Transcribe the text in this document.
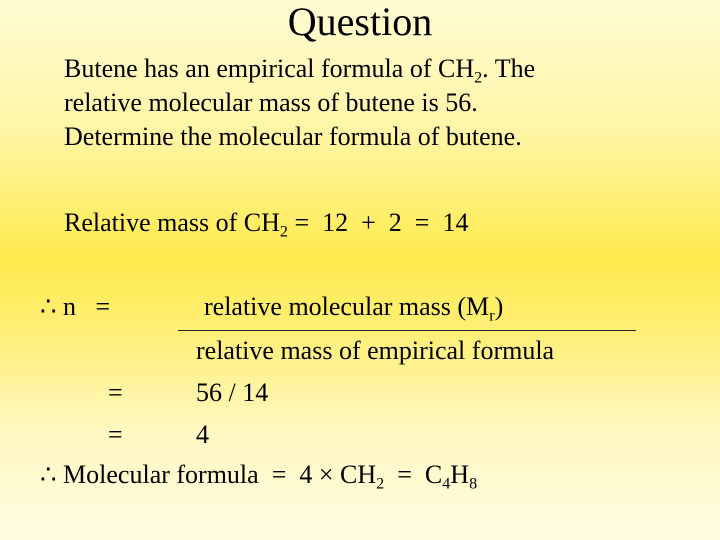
Question
Butene has an empirical formula of $CH_2$. The
relative molecular mass of butene is 56.
Determine the molecular formula of butene.
Relative mass of $CH_2 = 12 + 2 = 14$
∴ n   =	relative molecular mass $(M_r)$
relative mass of empirical formula
=	56 / 14
=	4
∴ Molecular formula  =  $4 \times CH_2 = C_4H_8$
